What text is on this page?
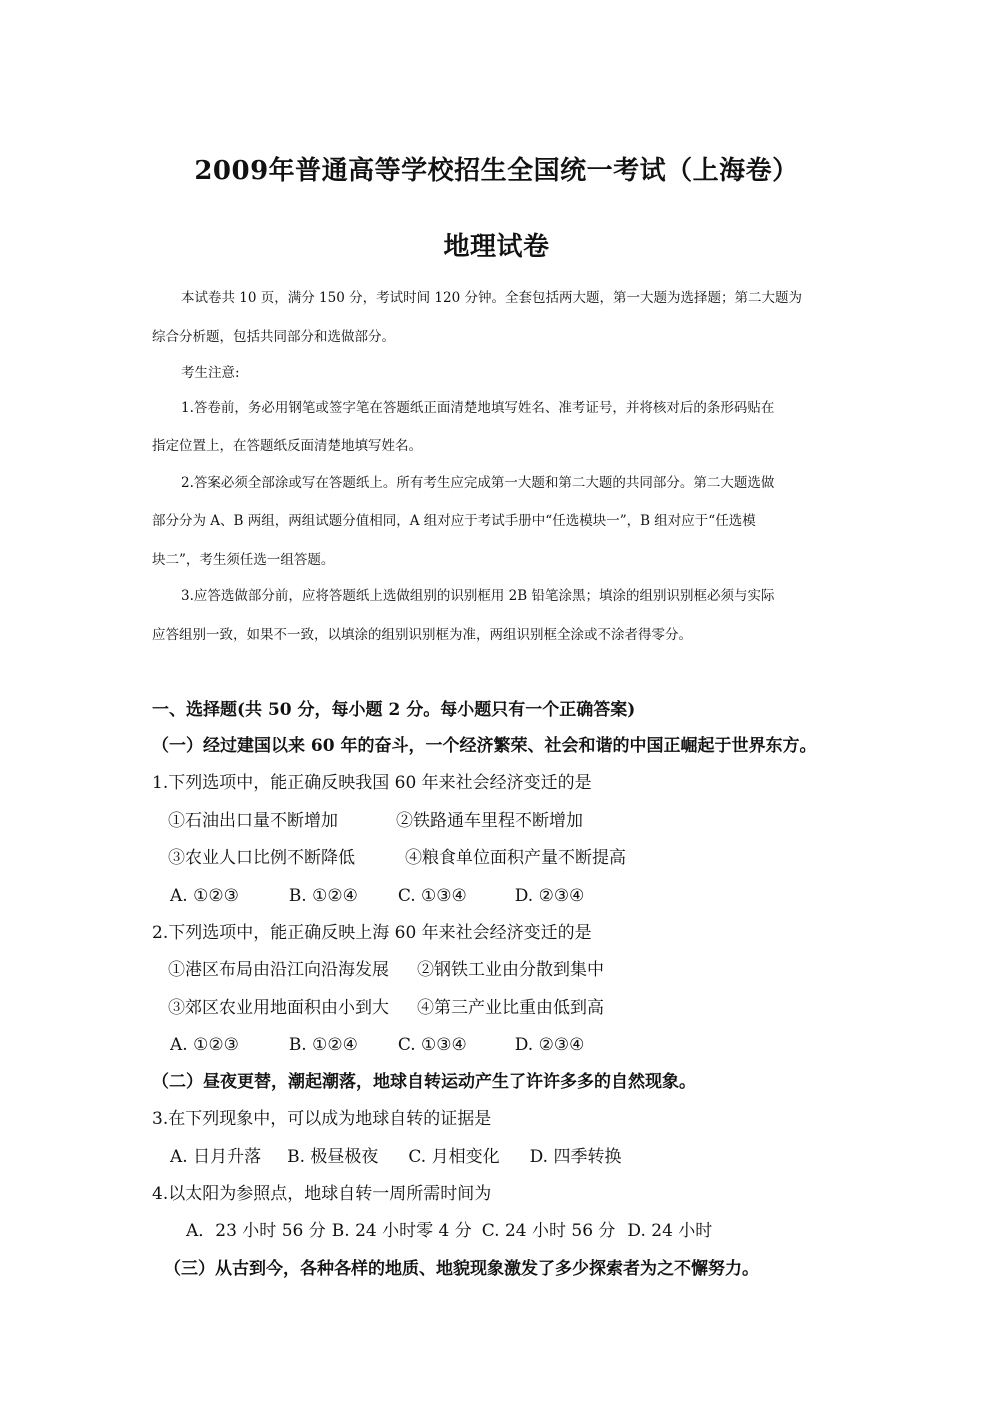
2009年普通高等学校招生全国统一考试（上海卷）
地理试卷
本试卷共 10 页，满分 150 分，考试时间 120 分钟。全套包括两大题，第一大题为选择题；第二大题为
综合分析题，包括共同部分和选做部分。
考生注意:
1.答卷前，务必用钢笔或签字笔在答题纸正面清楚地填写姓名、准考证号，并将核对后的条形码贴在
指定位置上，在答题纸反面清楚地填写姓名。
2.答案必须全部涂或写在答题纸上。所有考生应完成第一大题和第二大题的共同部分。第二大题选做
部分分为 A、B 两组，两组试题分值相同，A 组对应于考试手册中“任选模块一”，B 组对应于“任选模
块二”，考生须任选一组答题。
3.应答选做部分前，应将答题纸上选做组别的识别框用 2B 铅笔涂黑；填涂的组别识别框必须与实际
应答组别一致，如果不一致，以填涂的组别识别框为准，两组识别框全涂或不涂者得零分。
一、选择题(共 50 分，每小题 2 分。每小题只有一个正确答案)
（一）经过建国以来 60 年的奋斗，一个经济繁荣、社会和谐的中国正崛起于世界东方。
1.下列选项中，能正确反映我国 60 年来社会经济变迁的是
①石油出口量不断增加	②铁路通车里程不断增加
③农业人口比例不断降低	④粮食单位面积产量不断提高
A. ①②③	B. ①②④ C. ①③④	D. ②③④
2.下列选项中，能正确反映上海 60 年来社会经济变迁的是
①港区布局由沿江向沿海发展 ②钢铁工业由分散到集中
③郊区农业用地面积由小到大 ④第三产业比重由低到高
A. ①②③	B. ①②④ C. ①③④	D. ②③④
（二）昼夜更替，潮起潮落，地球自转运动产生了许许多多的自然现象。
3.在下列现象中，可以成为地球自转的证据是
A. 日月升落 B. 极昼极夜 C. 月相变化 D. 四季转换
4.以太阳为参照点，地球自转一周所需时间为
A．23 小时 56 分 B. 24 小时零 4 分 C. 24 小时 56 分 D. 24 小时
（三）从古到今，各种各样的地质、地貌现象激发了多少探索者为之不懈努力。
